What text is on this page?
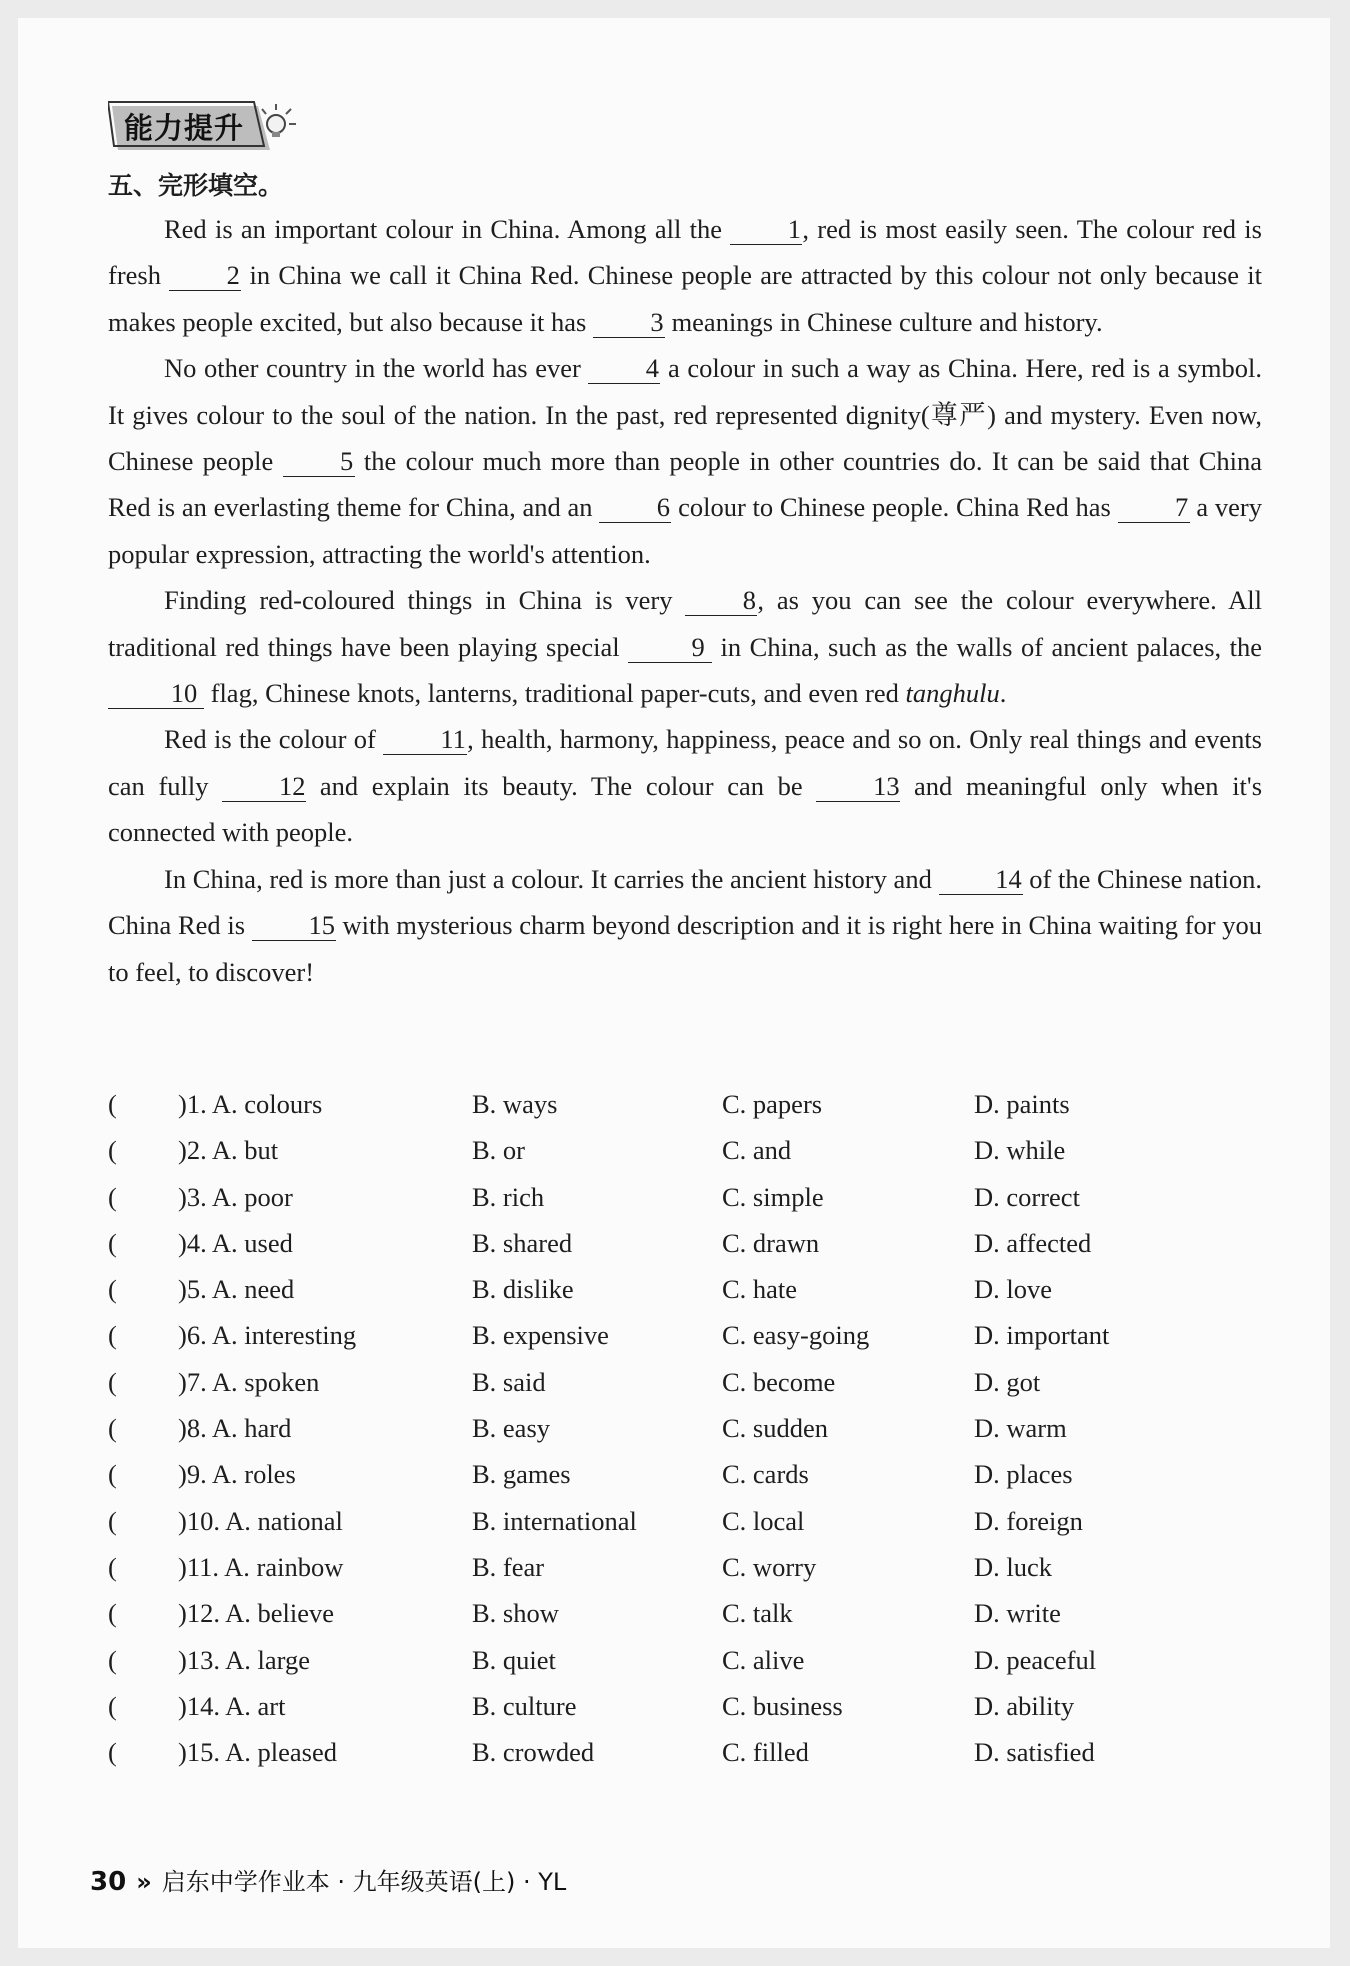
能力提升
五、完形填空。

Red is an important colour in China. Among all the 1, red is most easily seen. The colour red is fresh 2 in China we call it China Red. Chinese people are attracted by this colour not only because it makes people excited, but also because it has 3 meanings in Chinese culture and history.

No other country in the world has ever 4 a colour in such a way as China. Here, red is a symbol. It gives colour to the soul of the nation. In the past, red represented dignity(尊严) and mystery. Even now, Chinese people 5 the colour much more than people in other countries do. It can be said that China Red is an everlasting theme for China, and an 6 colour to Chinese people. China Red has 7 a very popular expression, attracting the world's attention.

Finding red-coloured things in China is very 8, as you can see the colour everywhere. All traditional red things have been playing special 9 in China, such as the walls of ancient palaces, the 10 flag, Chinese knots, lanterns, traditional paper-cuts, and even red tanghulu.

Red is the colour of 11, health, harmony, happiness, peace and so on. Only real things and events can fully 12 and explain its beauty. The colour can be 13 and meaningful only when it's connected with people.

In China, red is more than just a colour. It carries the ancient history and 14 of the Chinese nation. China Red is 15 with mysterious charm beyond description and it is right here in China waiting for you to feel, to discover!

( )1. A. colours	B. ways	C. papers	D. paints
( )2. A. but	B. or	C. and	D. while
( )3. A. poor	B. rich	C. simple	D. correct
( )4. A. used	B. shared	C. drawn	D. affected
( )5. A. need	B. dislike	C. hate	D. love
( )6. A. interesting	B. expensive	C. easy-going	D. important
( )7. A. spoken	B. said	C. become	D. got
( )8. A. hard	B. easy	C. sudden	D. warm
( )9. A. roles	B. games	C. cards	D. places
( )10. A. national	B. international	C. local	D. foreign
( )11. A. rainbow	B. fear	C. worry	D. luck
( )12. A. believe	B. show	C. talk	D. write
( )13. A. large	B. quiet	C. alive	D. peaceful
( )14. A. art	B. culture	C. business	D. ability
( )15. A. pleased	B. crowded	C. filled	D. satisfied
30 » 启东中学作业本 · 九年级英语(上) · YL
